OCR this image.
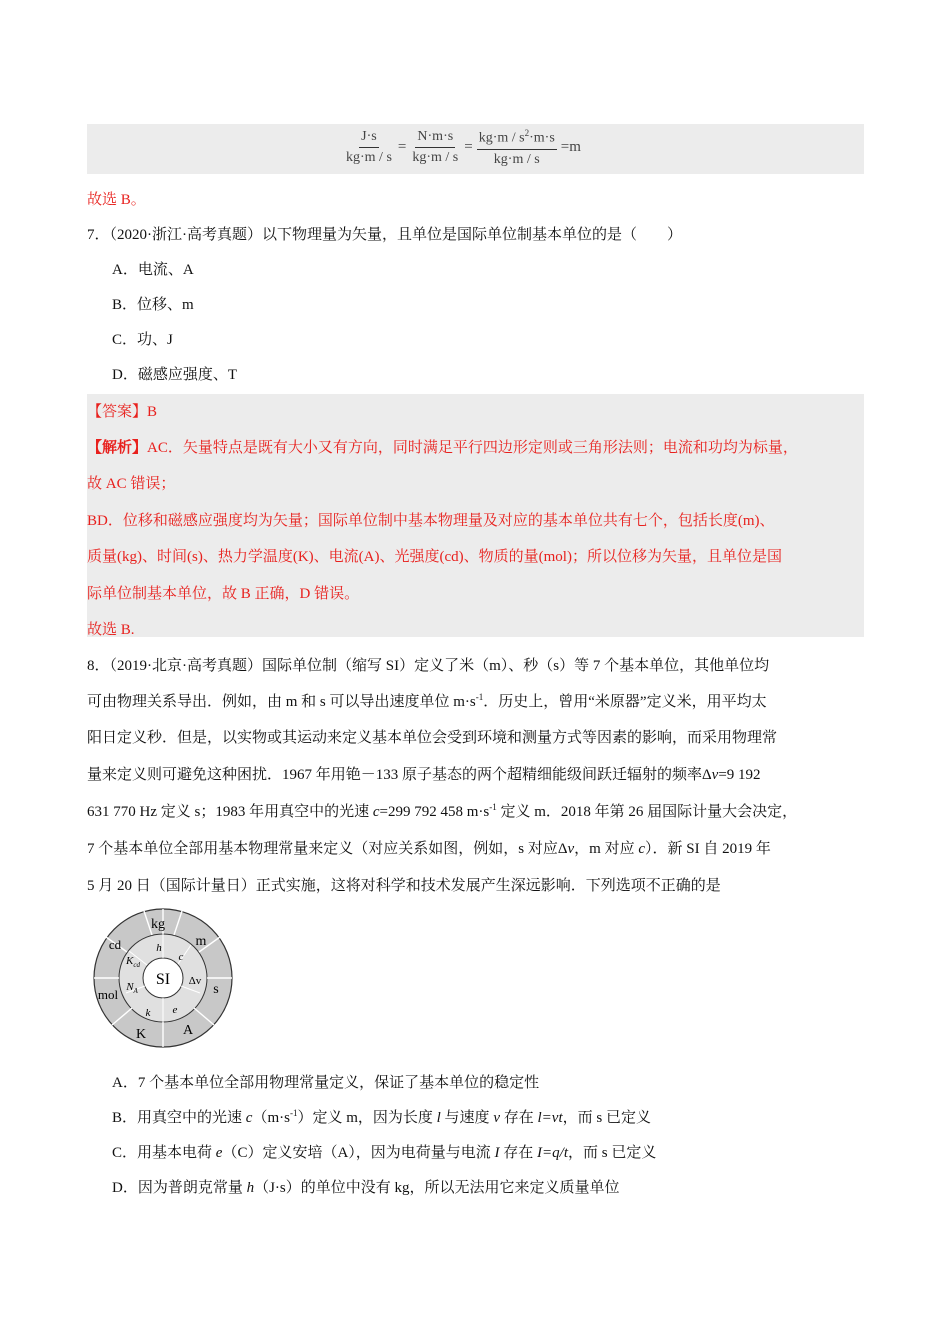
$\frac{J\cdot s}{kg\cdot m / s} = \frac{N\cdot m\cdot s}{kg\cdot m / s} = \frac{kg\cdot m / s^2\cdot m\cdot s}{kg\cdot m / s} =m$
故选 B。
7．（2020·浙江·高考真题）以下物理量为矢量，且单位是国际单位制基本单位的是（　　）
A．电流、A
B．位移、m
C．功、J
D．磁感应强度、T
【答案】B
【解析】AC．矢量特点是既有大小又有方向，同时满足平行四边形定则或三角形法则；电流和功均为标量，
故 AC 错误；
BD．位移和磁感应强度均为矢量；国际单位制中基本物理量及对应的基本单位共有七个，包括长度(m)、
质量(kg)、时间(s)、热力学温度(K)、电流(A)、光强度(cd)、物质的量(mol)；所以位移为矢量，且单位是国
际单位制基本单位，故 B 正确，D 错误。
故选 B.
8．（2019·北京·高考真题）国际单位制（缩写 SI）定义了米（m）、秒（s）等 7 个基本单位，其他单位均
可由物理关系导出．例如，由 m 和 s 可以导出速度单位 $m\cdot s^{-1}$．历史上，曾用“米原器”定义米，用平均太
阳日定义秒．但是，以实物或其运动来定义基本单位会受到环境和测量方式等因素的影响，而采用物理常
量来定义则可避免这种困扰．1967 年用铯－133 原子基态的两个超精细能级间跃迁辐射的频率Δv=9 192
631 770 Hz 定义 s；1983 年用真空中的光速 c=299 792 458 $m\cdot s^{-1}$ 定义 m．2018 年第 26 届国际计量大会决定，
7 个基本单位全部用基本物理常量来定义（对应关系如图，例如，s 对应Δv，m 对应 c）．新 SI 自 2019 年
5 月 20 日（国际计量日）正式实施，这将对科学和技术发展产生深远影响．下列选项不正确的是
SI
kg
m
s
A
K
mol
cd	h
c
Δv
e
k
$N_A$
$K_{cd}$
A．7 个基本单位全部用物理常量定义，保证了基本单位的稳定性
B．用真空中的光速 $c(m\cdot s^{-1})$定义 m，因为长度 l 与速度 v 存在 l=vt，而 s 已定义
C．用基本电荷 e（C）定义安培（A），因为电荷量与电流 I 存在 I=q/t，而 s 已定义
D．因为普朗克常量 h（J·s）的单位中没有 kg，所以无法用它来定义质量单位
